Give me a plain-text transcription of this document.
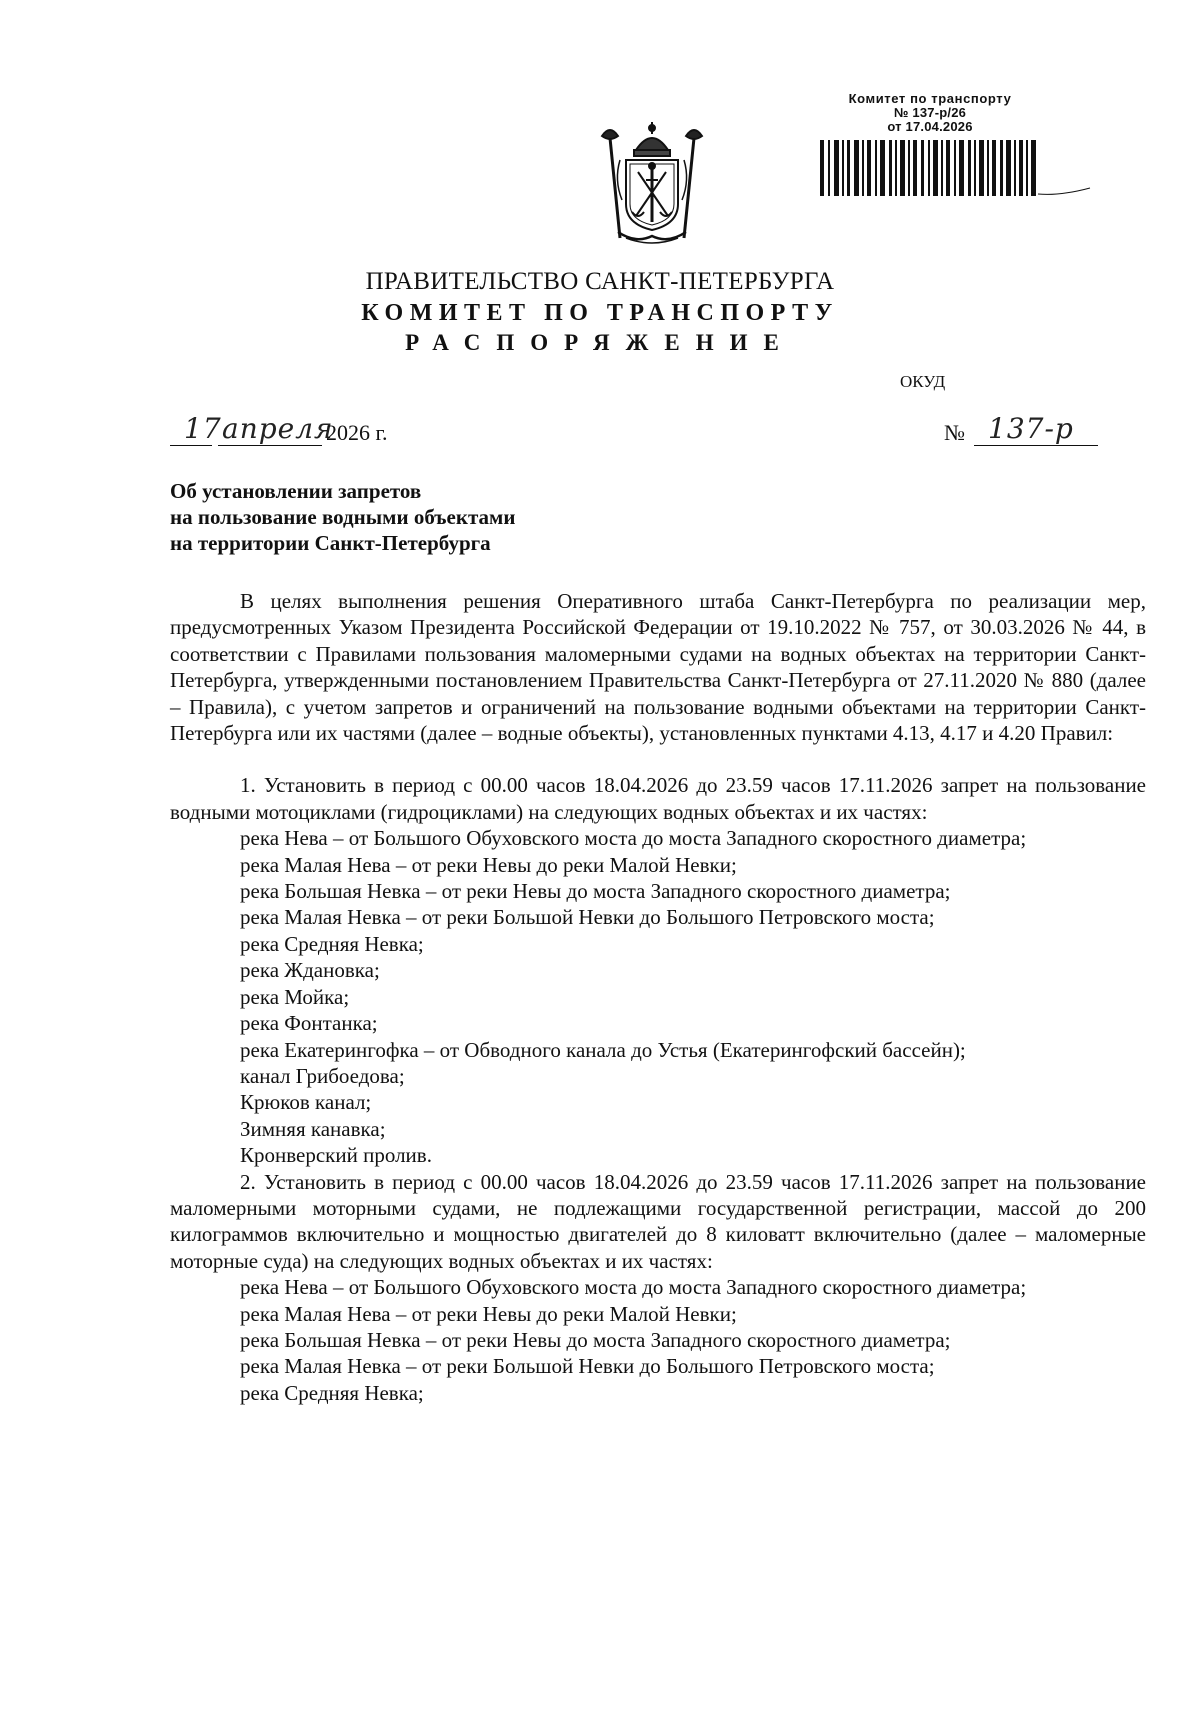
Комитет по транспорту
№ 137-р/26
от 17.04.2026
ПРАВИТЕЛЬСТВО САНКТ-ПЕТЕРБУРГА
КОМИТЕТ ПО ТРАНСПОРТУ
РАСПОРЯЖЕНИЕ
ОКУД
17 апреля
2026 г.	№ 137-р
Об установлении запретов
на пользование водными объектами
на территории Санкт-Петербурга

В целях выполнения решения Оперативного штаба Санкт-Петербурга по реализации мер, предусмотренных Указом Президента Российской Федерации от 19.10.2022 № 757, от 30.03.2026 № 44, в соответствии с Правилами пользования маломерными судами на водных объектах на территории Санкт-Петербурга, утвержденными постановлением Правительства Санкт-Петербурга от 27.11.2020 № 880 (далее – Правила), с учетом запретов и ограничений на пользование водными объектами на территории Санкт-Петербурга или их частями (далее – водные объекты), установленных пунктами 4.13, 4.17 и 4.20 Правил:

1. Установить в период с 00.00 часов 18.04.2026 до 23.59 часов 17.11.2026 запрет на пользование водными мотоциклами (гидроциклами) на следующих водных объектах и их частях:

река Нева – от Большого Обуховского моста до моста Западного скоростного диаметра;

река Малая Нева – от реки Невы до реки Малой Невки;

река Большая Невка – от реки Невы до моста Западного скоростного диаметра;

река Малая Невка – от реки Большой Невки до Большого Петровского моста;

река Средняя Невка;

река Ждановка;

река Мойка;

река Фонтанка;

река Екатерингофка – от Обводного канала до Устья (Екатерингофский бассейн);

канал Грибоедова;

Крюков канал;

Зимняя канавка;

Кронверский пролив.

2. Установить в период с 00.00 часов 18.04.2026 до 23.59 часов 17.11.2026 запрет на пользование маломерными моторными судами, не подлежащими государственной регистрации, массой до 200 килограммов включительно и мощностью двигателей до 8 киловатт включительно (далее – маломерные моторные суда) на следующих водных объектах и их частях:

река Нева – от Большого Обуховского моста до моста Западного скоростного диаметра;

река Малая Нева – от реки Невы до реки Малой Невки;

река Большая Невка – от реки Невы до моста Западного скоростного диаметра;

река Малая Невка – от реки Большой Невки до Большого Петровского моста;

река Средняя Невка;
